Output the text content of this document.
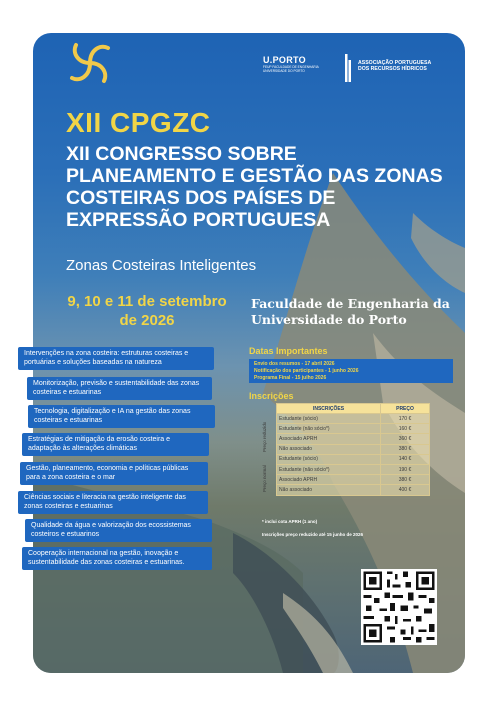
U.PORTO
FEUP FACULDADE DE ENGENHARIA UNIVERSIDADE DO PORTO
ASSOCIAÇÃO PORTUGUESA DOS RECURSOS HÍDRICOS
XII CPGZC
XII CONGRESSO SOBRE PLANEAMENTO E GESTÃO DAS ZONAS COSTEIRAS DOS PAÍSES DE EXPRESSÃO PORTUGUESA
Zonas Costeiras Inteligentes
9, 10 e 11 de setembro de 2026
Faculdade de Engenharia da Universidade do Porto
Intervenções na zona costeira: estruturas costeiras e portuárias e soluções baseadas na natureza
Monitorização, previsão e sustentabilidade das zonas costeiras e estuarinas
Tecnologia, digitalização e IA na gestão das zonas costeiras e estuarinas
Estratégias de mitigação da erosão costeira e adaptação às alterações climáticas
Gestão, planeamento, economia e políticas públicas para a zona costeira e o mar
Ciências sociais e literacia na gestão inteligente das zonas costeiras e estuarinas
Qualidade da água e valorização dos ecossistemas costeiros e estuarinos
Cooperação internacional na gestão, inovação e sustentabilidade das zonas costeiras e estuarinas.
Datas Importantes
Envio dos resumos - 17 abril 2026
Notificação dos participantes - 1 junho 2026
Programa Final - 15 julho 2026
Inscrições
	INSCRIÇÕES	PREÇO
	Estudante (sócio)	170 €
	Estudante (não sócio*)	160 €
	Associado APRH	360 €
	Não associado	380 €
	Estudante (sócio)	140 €
	Estudante (não sócio*)	190 €
	Associado APRH	380 €
	Não associado	400 €
Preço reduzido
Preço normal
* inclui cota APRH (1 ano)
Inscrições preço reduzido até 15 junho de 2026
